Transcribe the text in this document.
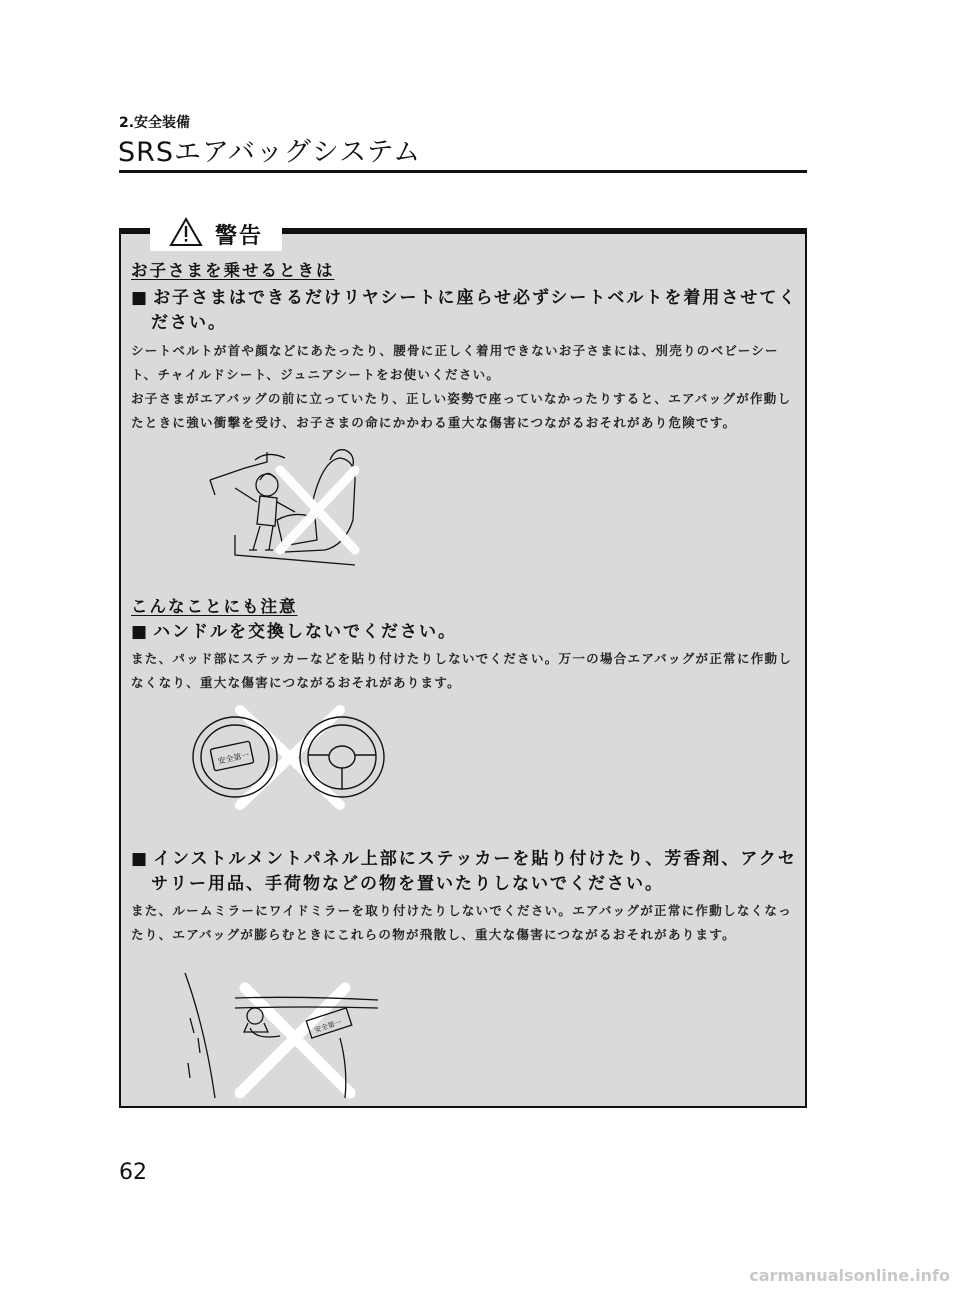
2.安全装備
SRSエアバッグシステム
警告
お子さまを乗せるときは
■ お子さまはできるだけリヤシートに座らせ必ずシートベルトを着用させてください。
シートベルトが首や顔などにあたったり、腰骨に正しく着用できないお子さまには、別売りのベビーシート、チャイルドシート、ジュニアシートをお使いください。
お子さまがエアバッグの前に立っていたり、正しい姿勢で座っていなかったりすると、エアバッグが作動したときに強い衝撃を受け、お子さまの命にかかわる重大な傷害につながるおそれがあり危険です。
こんなことにも注意
■ ハンドルを交換しないでください。
また、パッド部にステッカーなどを貼り付けたりしないでください。万一の場合エアバッグが正常に作動しなくなり、重大な傷害につながるおそれがあります。
安全第一
■ インストルメントパネル上部にステッカーを貼り付けたり、芳香剤、アクセサリー用品、手荷物などの物を置いたりしないでください。
また、ルームミラーにワイドミラーを取り付けたりしないでください。エアバッグが正常に作動しなくなったり、エアバッグが膨らむときにこれらの物が飛散し、重大な傷害につながるおそれがあります。
安全第一
62
carmanualsonline.info
